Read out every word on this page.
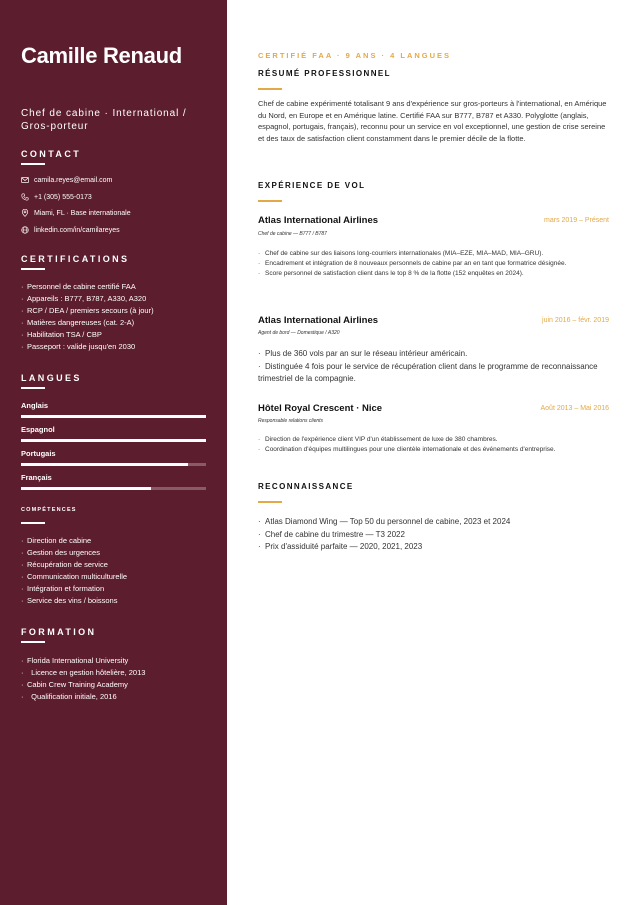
Camille Renaud
Chef de cabine · International / Gros-porteur
CONTACT
camila.reyes@email.com
+1 (305) 555-0173
Miami, FL · Base internationale
linkedin.com/in/camilareyes
CERTIFICATIONS
· Personnel de cabine certifié FAA
· Appareils : B777, B787, A330, A320
· RCP / DEA / premiers secours (à jour)
· Matières dangereuses (cat. 2-A)
· Habilitation TSA / CBP
· Passeport : valide jusqu'en 2030
LANGUES
Anglais
Espagnol
Portugais
Français
COMPÉTENCES
· Direction de cabine
· Gestion des urgences
· Récupération de service
· Communication multiculturelle
· Intégration et formation
· Service des vins / boissons
FORMATION
· Florida International University
·  Licence en gestion hôtelière, 2013
· Cabin Crew Training Academy
·  Qualification initiale, 2016
CERTIFIÉ FAA · 9 ANS · 4 LANGUES
RÉSUMÉ PROFESSIONNEL
Chef de cabine expérimenté totalisant 9 ans d'expérience sur gros-porteurs à l'international, en Amérique du Nord, en Europe et en Amérique latine. Certifié FAA sur B777, B787 et A330. Polyglotte (anglais, espagnol, portugais, français), reconnu pour un service en vol exceptionnel, une gestion de crise sereine et des taux de satisfaction client constamment dans le premier décile de la flotte.
EXPÉRIENCE DE VOL
Atlas International Airlines	mars 2019 – Présent
Chef de cabine — B777 / B787
· Chef de cabine sur des liaisons long-courriers internationales (MIA–EZE, MIA–MAD, MIA–GRU).
· Encadrement et intégration de 8 nouveaux personnels de cabine par an en tant que formatrice désignée.
· Score personnel de satisfaction client dans le top 8 % de la flotte (152 enquêtes en 2024).
Atlas International Airlines	juin 2016 – févr. 2019
Agent de bord — Domestique / A320
· Plus de 360 vols par an sur le réseau intérieur américain.
· Distinguée 4 fois pour le service de récupération client dans le programme de reconnaissance trimestriel de la compagnie.
Hôtel Royal Crescent · Nice	Août 2013 – Mai 2016
Responsable relations clients
· Direction de l'expérience client VIP d'un établissement de luxe de 380 chambres.
· Coordination d'équipes multilingues pour une clientèle internationale et des événements d'entreprise.
RECONNAISSANCE
· Atlas Diamond Wing — Top 50 du personnel de cabine, 2023 et 2024
· Chef de cabine du trimestre — T3 2022
· Prix d'assiduité parfaite — 2020, 2021, 2023
